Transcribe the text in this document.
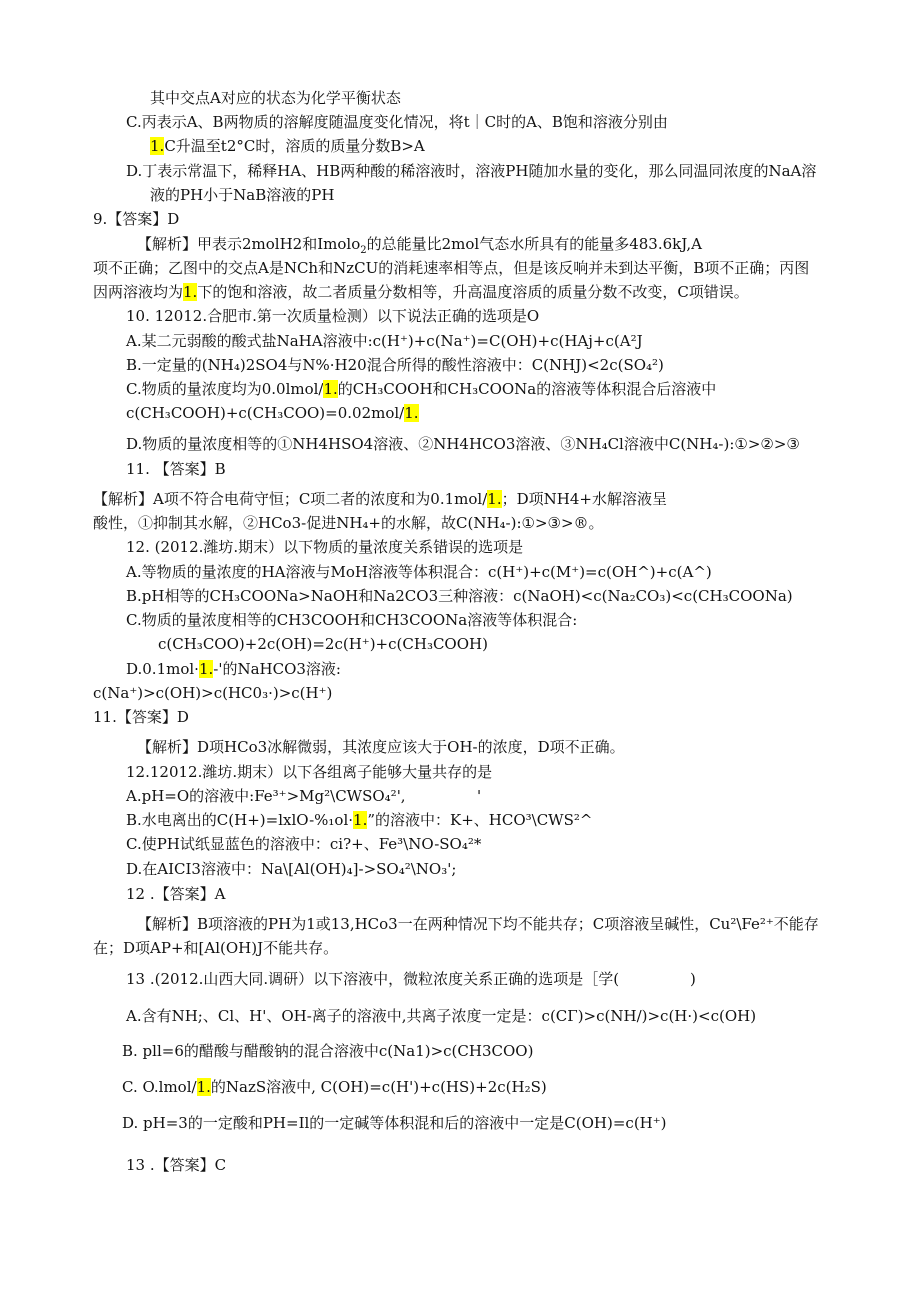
其中交点A对应的状态为化学平衡状态
C.丙表示A、B两物质的溶解度随温度变化情况，将t｜C时的A、B饱和溶液分别由
1.C升温至t2°C时，溶质的质量分数B>A
D.丁表示常温下，稀释HA、HB两种酸的稀溶液时，溶液PH随加水量的变化，那么同温同浓度的NaA溶
液的PH小于NaB溶液的PH
9.【答案】D
【解析】甲表示2molH2和Imolo$_2$的总能量比2mol气态水所具有的能量多483.6kJ,A
项不正确；乙图中的交点A是NCh和NzCU的消耗速率相等点，但是该反响并未到达平衡，B项不正确；丙图
因两溶液均为1.下的饱和溶液，故二者质量分数相等，升高温度溶质的质量分数不改变，C项错误。
10. 12012.合肥市.第一次质量检测）以下说法正确的选项是O
A.某二元弱酸的酸式盐NaHA溶液中:c(H⁺)+c(Na⁺)=C(OH)+c(HAj+c(A²J
B.一定量的(NH₄)2SO4与N%·H20混合所得的酸性溶液中：C(NHJ)<2c(SO₄²)
C.物质的量浓度均为0.0lmol/1.的CH₃COOH和CH₃COONa的溶液等体积混合后溶液中
c(CH₃COOH)+c(CH₃COO)=0.02mol/1.
D.物质的量浓度相等的①NH4HSO4溶液、②NH4HCO3溶液、③NH₄Cl溶液中C(NH₄-):①>②>③
11. 【答案】B
【解析】A项不符合电荷守恒；C项二者的浓度和为0.1mol/1.；D项NH4+水解溶液呈
酸性，①抑制其水解，②HCo3-促进NH₄+的水解，故C(NH₄-):①>③>®。
12. (2012.潍坊.期末）以下物质的量浓度关系错误的选项是
A.等物质的量浓度的HA溶液与MoH溶液等体积混合：c(H⁺)+c(M⁺)=c(OH^)+c(A^)
B.pH相等的CH₃COONa>NaOH和Na2CO3三种溶液：c(NaOH)<c(Na₂CO₃)<c(CH₃COONa)
C.物质的量浓度相等的CH3COOH和CH3COONa溶液等体积混合:
c(CH₃COO)+2c(OH)=2c(H⁺)+c(CH₃COOH)
D.0.1mol·1.-'的NaHCO3溶液:
c(Na⁺)>c(OH)>c(HC0₃·)>c(H⁺)
11.【答案】D
【解析】D项HCo3冰解微弱，其浓度应该大于OH-的浓度，D项不正确。
12.12012.潍坊.期末）以下各组离子能够大量共存的是
A.pH=O的溶液中:Fe³⁺>Mg²\CWSO₄²',	'
B.水电离出的C(H+)=lxlO-%₁ol·1.”的溶液中：K+、HCO³\CWS²^
C.使PH试纸显蓝色的溶液中：ci?+、Fe³\NO-SO₄²*
D.在AICI3溶液中：Na\[Al(OH)₄]->SO₄²\NO₃';
12 .【答案】A
【解析】B项溶液的PH为1或13,HCo3一在两种情况下均不能共存；C项溶液呈碱性，Cu²\Fe²⁺不能存
在；D项AP+和[Al(OH)J不能共存。
13 .(2012.山西大同.调研）以下溶液中，微粒浓度关系正确的选项是［学(	)
A.含有NH;、Cl、H'、OH-离子的溶液中,共离子浓度一定是：c(CΓ)>c(NH/)>c(H·)<c(OH)
B. pll=6的醋酸与醋酸钠的混合溶液中c(Na1)>c(CH3COO)
C. O.lmol/1.的NazS溶液中, C(OH)=c(H')+c(HS)+2c(H₂S)
D. pH=3的一定酸和PH=Il的一定碱等体积混和后的溶液中一定是C(OH)=c(H⁺)
13 .【答案】C
